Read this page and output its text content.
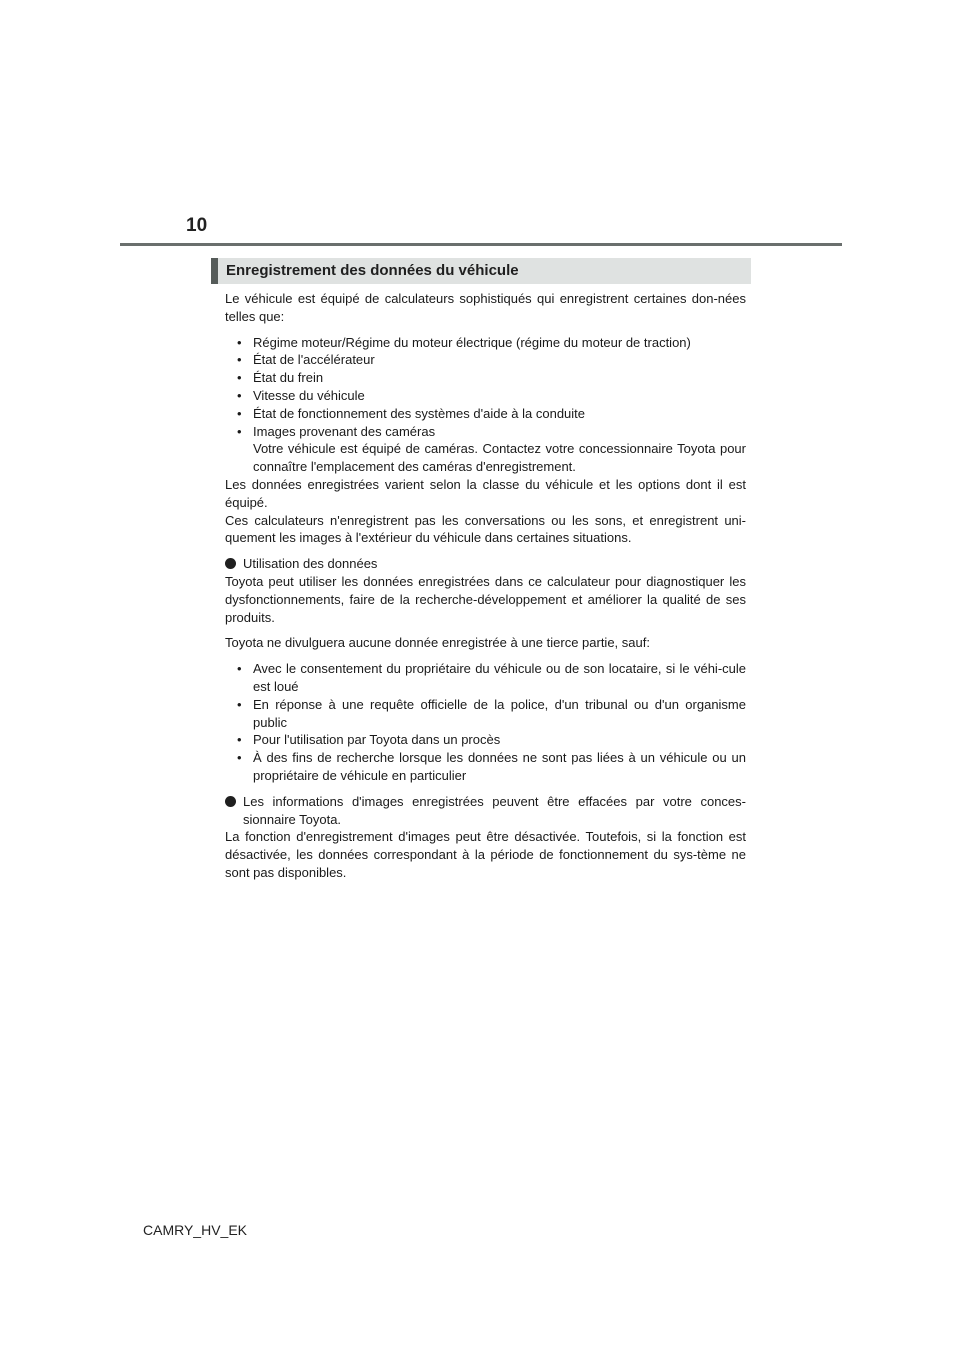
10
Enregistrement des données du véhicule

Le véhicule est équipé de calculateurs sophistiqués qui enregistrent certaines don-nées telles que:

• Régime moteur/Régime du moteur électrique (régime du moteur de traction)
• État de l'accélérateur
• État du frein
• Vitesse du véhicule
• État de fonctionnement des systèmes d'aide à la conduite
• Images provenant des caméras
Votre véhicule est équipé de caméras. Contactez votre concessionnaire Toyota pour connaître l'emplacement des caméras d'enregistrement.

Les données enregistrées varient selon la classe du véhicule et les options dont il est équipé.

Ces calculateurs n'enregistrent pas les conversations ou les sons, et enregistrent uni-quement les images à l'extérieur du véhicule dans certaines situations.

Utilisation des données

Toyota peut utiliser les données enregistrées dans ce calculateur pour diagnostiquer les dysfonctionnements, faire de la recherche-développement et améliorer la qualité de ses produits.

Toyota ne divulguera aucune donnée enregistrée à une tierce partie, sauf:

• Avec le consentement du propriétaire du véhicule ou de son locataire, si le véhi-cule est loué
• En réponse à une requête officielle de la police, d'un tribunal ou d'un organisme public
• Pour l'utilisation par Toyota dans un procès
• À des fins de recherche lorsque les données ne sont pas liées à un véhicule ou un propriétaire de véhicule en particulier
Les informations d'images enregistrées peuvent être effacées par votre conces-sionnaire Toyota.

La fonction d'enregistrement d'images peut être désactivée. Toutefois, si la fonction est désactivée, les données correspondant à la période de fonctionnement du sys-tème ne sont pas disponibles.

CAMRY_HV_EK
